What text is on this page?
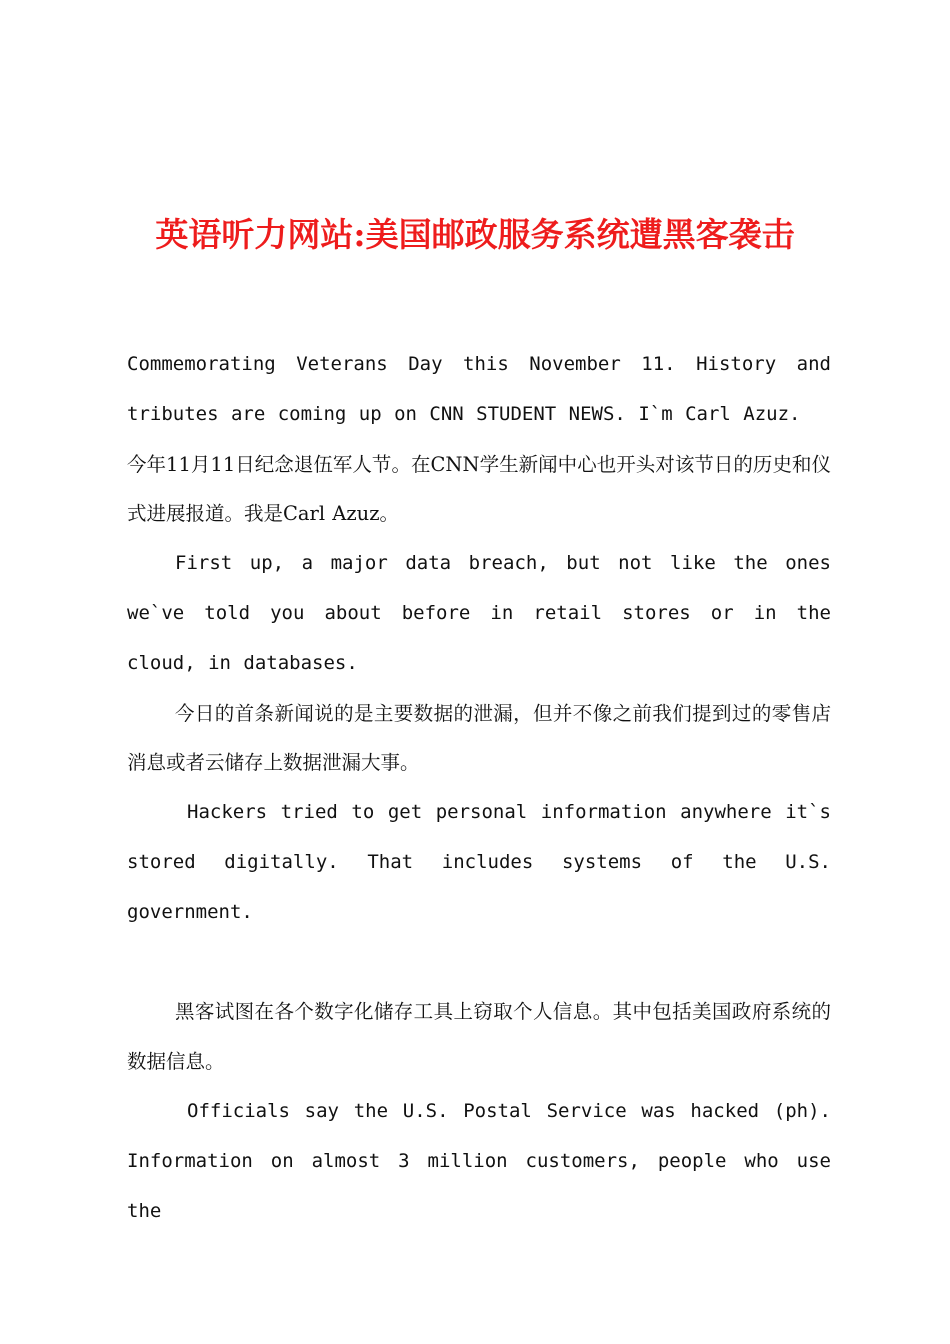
英语听力网站:美国邮政服务系统遭黑客袭击

Commemorating Veterans Day this November 11. History and tributes are coming up on CNN STUDENT NEWS. I`m Carl Azuz.

今年11月11日纪念退伍军人节。在CNN学生新闻中心也开头对该节日的历史和仪式进展报道。我是Carl Azuz。

First up, a major data breach, but not like the ones we`ve told you about before in retail stores or in the cloud, in databases.

今日的首条新闻说的是主要数据的泄漏，但并不像之前我们提到过的零售店消息或者云储存上数据泄漏大事。

Hackers tried to get personal information anywhere it`s stored digitally. That includes systems of the U.S. government.

黑客试图在各个数字化储存工具上窃取个人信息。其中包括美国政府系统的数据信息。

Officials say the U.S. Postal Service was hacked (ph). Information on almost 3 million customers, people who use the
